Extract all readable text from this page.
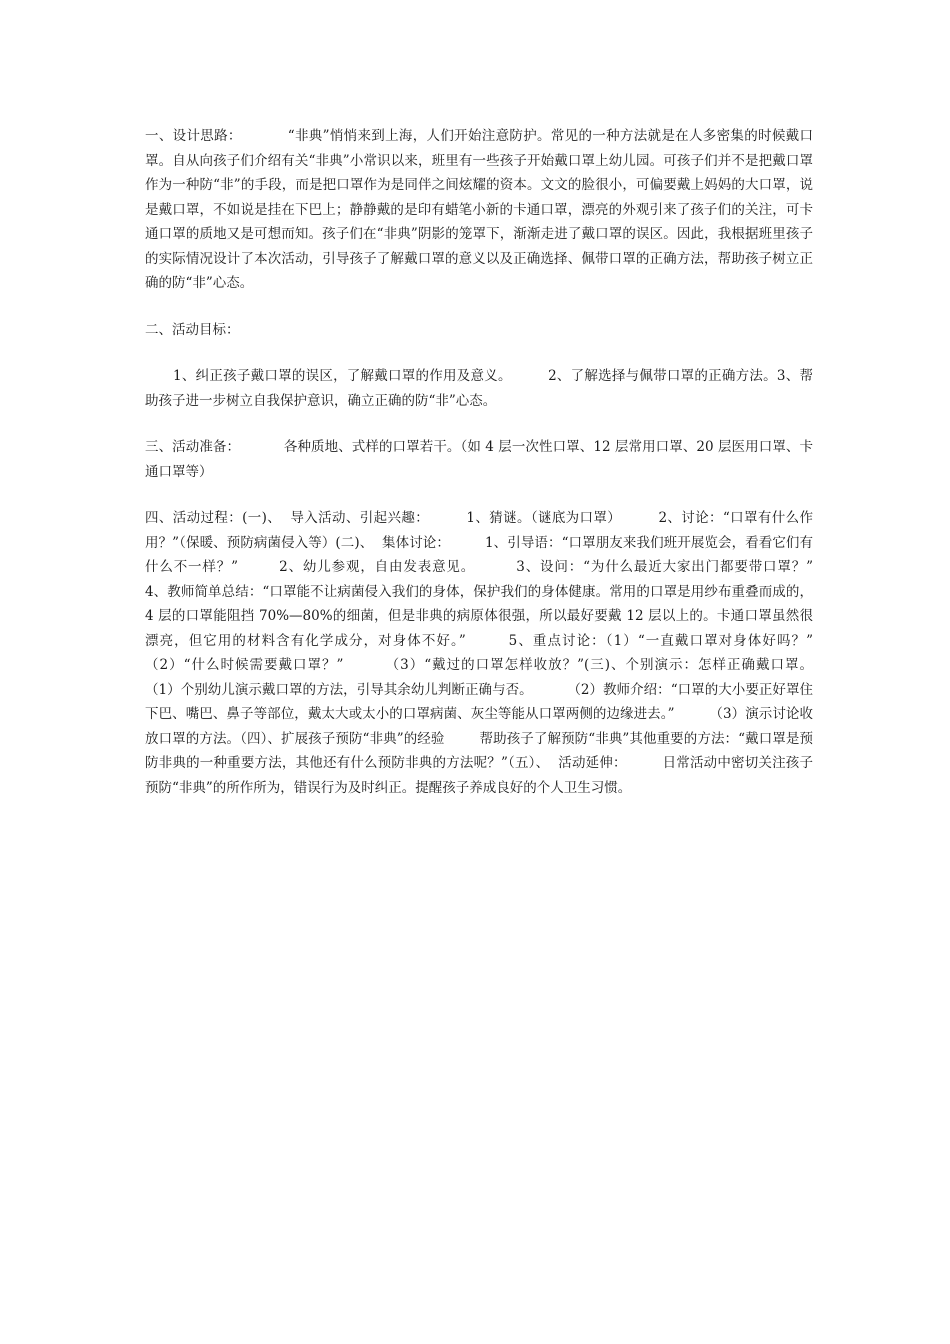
一、设计思路：          “非典”悄悄来到上海，人们开始注意防护。常见的一种方法就是在人多密集的时候戴口罩。自从向孩子们介绍有关“非典”小常识以来，班里有一些孩子开始戴口罩上幼儿园。可孩子们并不是把戴口罩作为一种防“非”的手段，而是把口罩作为是同伴之间炫耀的资本。文文的脸很小，可偏要戴上妈妈的大口罩，说是戴口罩，不如说是挂在下巴上；静静戴的是印有蜡笔小新的卡通口罩，漂亮的外观引来了孩子们的关注，可卡通口罩的质地又是可想而知。孩子们在“非典”阴影的笼罩下，渐渐走进了戴口罩的误区。因此，我根据班里孩子的实际情况设计了本次活动，引导孩子了解戴口罩的意义以及正确选择、佩带口罩的正确方法，帮助孩子树立正确的防“非”心态。

二、活动目标：

1、纠正孩子戴口罩的误区，了解戴口罩的作用及意义。        2、了解选择与佩带口罩的正确方法。3、帮助孩子进一步树立自我保护意识，确立正确的防“非”心态。

三、活动准备：          各种质地、式样的口罩若干。（如 4 层一次性口罩、12 层常用口罩、20 层医用口罩、卡通口罩等）

四、活动过程：(一)、  导入活动、引起兴趣：        1、猜谜。（谜底为口罩）        2、讨论：“口罩有什么作用？”（保暖、预防病菌侵入等）(二)、  集体讨论：        1、引导语：“口罩朋友来我们班开展览会，看看它们有什么不一样？”        2、幼儿参观，自由发表意见。        3、设问：“为什么最近大家出门都要带口罩？”        4、教师简单总结：“口罩能不让病菌侵入我们的身体，保护我们的身体健康。常用的口罩是用纱布重叠而成的，4 层的口罩能阻挡 70%—80%的细菌，但是非典的病原体很强，所以最好要戴 12 层以上的。卡通口罩虽然很漂亮，但它用的材料含有化学成分，对身体不好。”        5、重点讨论：（1）“一直戴口罩对身体好吗？”        （2）“什么时候需要戴口罩？”        （3）“戴过的口罩怎样收放？”(三)、个别演示：怎样正确戴口罩。        （1）个别幼儿演示戴口罩的方法，引导其余幼儿判断正确与否。        （2）教师介绍：“口罩的大小要正好罩住下巴、嘴巴、鼻子等部位，戴太大或太小的口罩病菌、灰尘等能从口罩两侧的边缘进去。”        （3）演示讨论收放口罩的方法。（四）、扩展孩子预防“非典”的经验        帮助孩子了解预防“非典”其他重要的方法：“戴口罩是预防非典的一种重要方法，其他还有什么预防非典的方法呢？”（五）、  活动延伸：        日常活动中密切关注孩子预防“非典”的所作所为，错误行为及时纠正。提醒孩子养成良好的个人卫生习惯。
